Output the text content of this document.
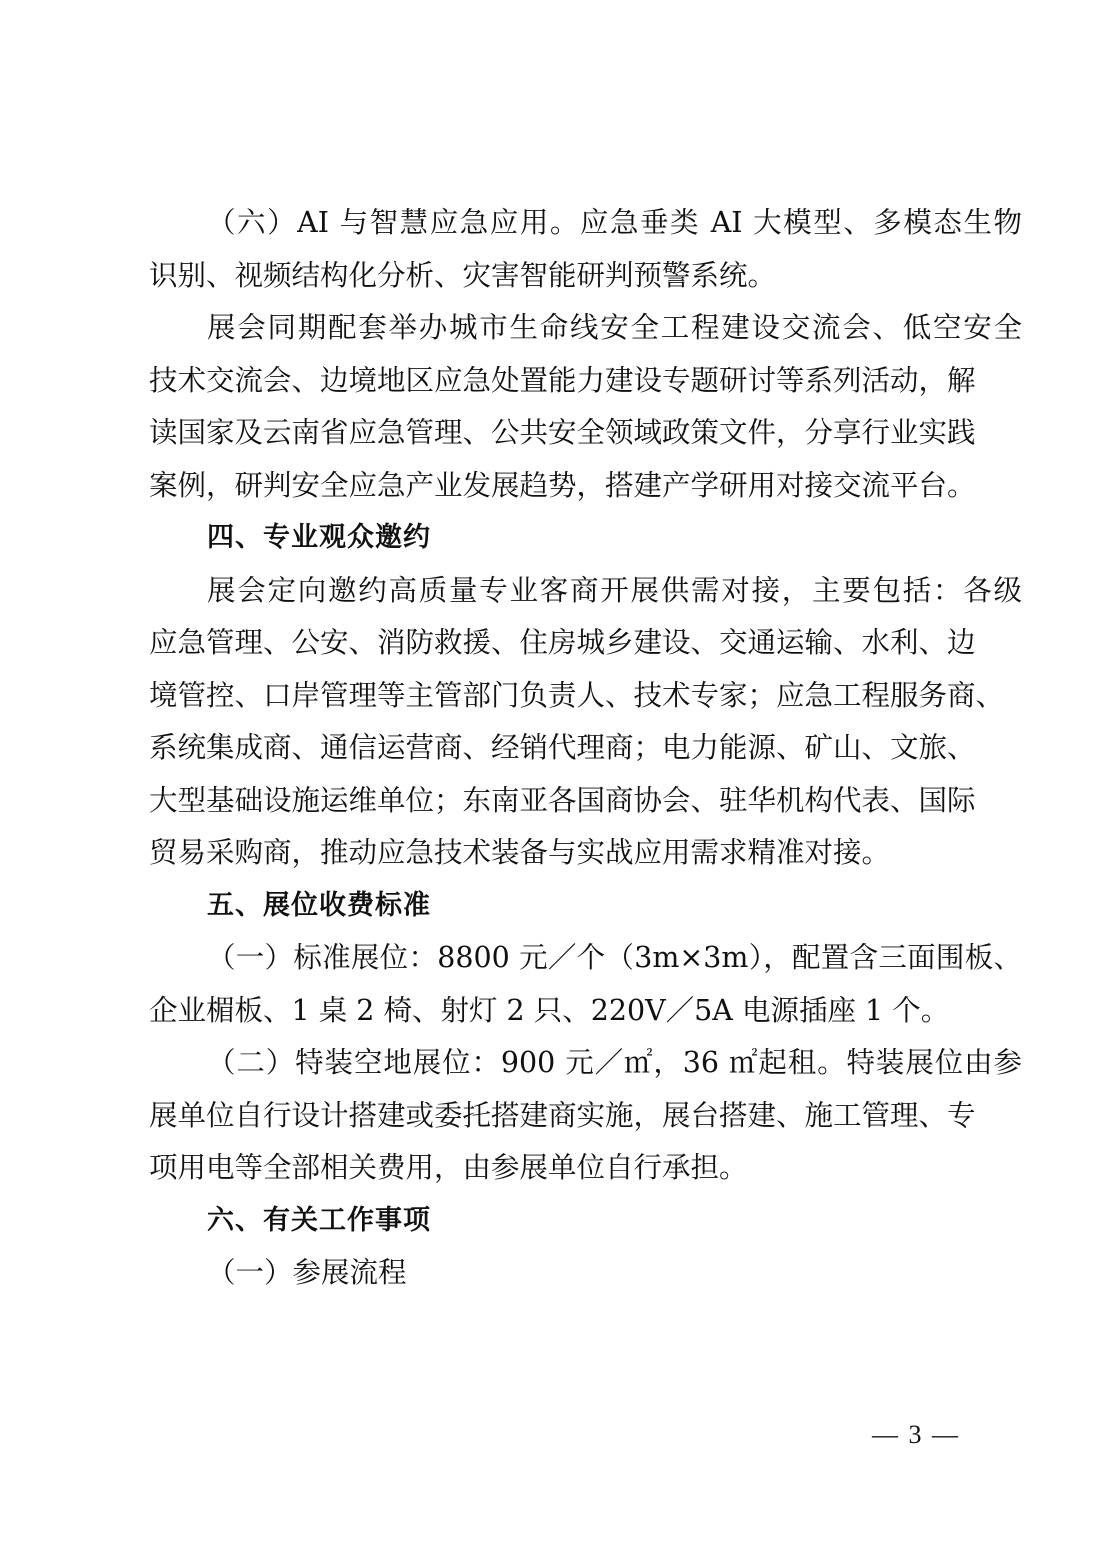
（六）AI 与智慧应急应用。应急垂类 AI 大模型、多模态生物
识别、视频结构化分析、灾害智能研判预警系统。
展会同期配套举办城市生命线安全工程建设交流会、低空安全
技术交流会、边境地区应急处置能力建设专题研讨等系列活动，解
读国家及云南省应急管理、公共安全领域政策文件，分享行业实践
案例，研判安全应急产业发展趋势，搭建产学研用对接交流平台。
四、专业观众邀约
展会定向邀约高质量专业客商开展供需对接，主要包括：各级
应急管理、公安、消防救援、住房城乡建设、交通运输、水利、边
境管控、口岸管理等主管部门负责人、技术专家；应急工程服务商、
系统集成商、通信运营商、经销代理商；电力能源、矿山、文旅、
大型基础设施运维单位；东南亚各国商协会、驻华机构代表、国际
贸易采购商，推动应急技术装备与实战应用需求精准对接。
五、展位收费标准
（一）标准展位：8800 元／个（3m×3m），配置含三面围板、
企业楣板、1 桌 2 椅、射灯 2 只、220V／5A 电源插座 1 个。
（二）特装空地展位：900 元／㎡，36 ㎡起租。特装展位由参
展单位自行设计搭建或委托搭建商实施，展台搭建、施工管理、专
项用电等全部相关费用，由参展单位自行承担。
六、有关工作事项
（一）参展流程
— 3 —
